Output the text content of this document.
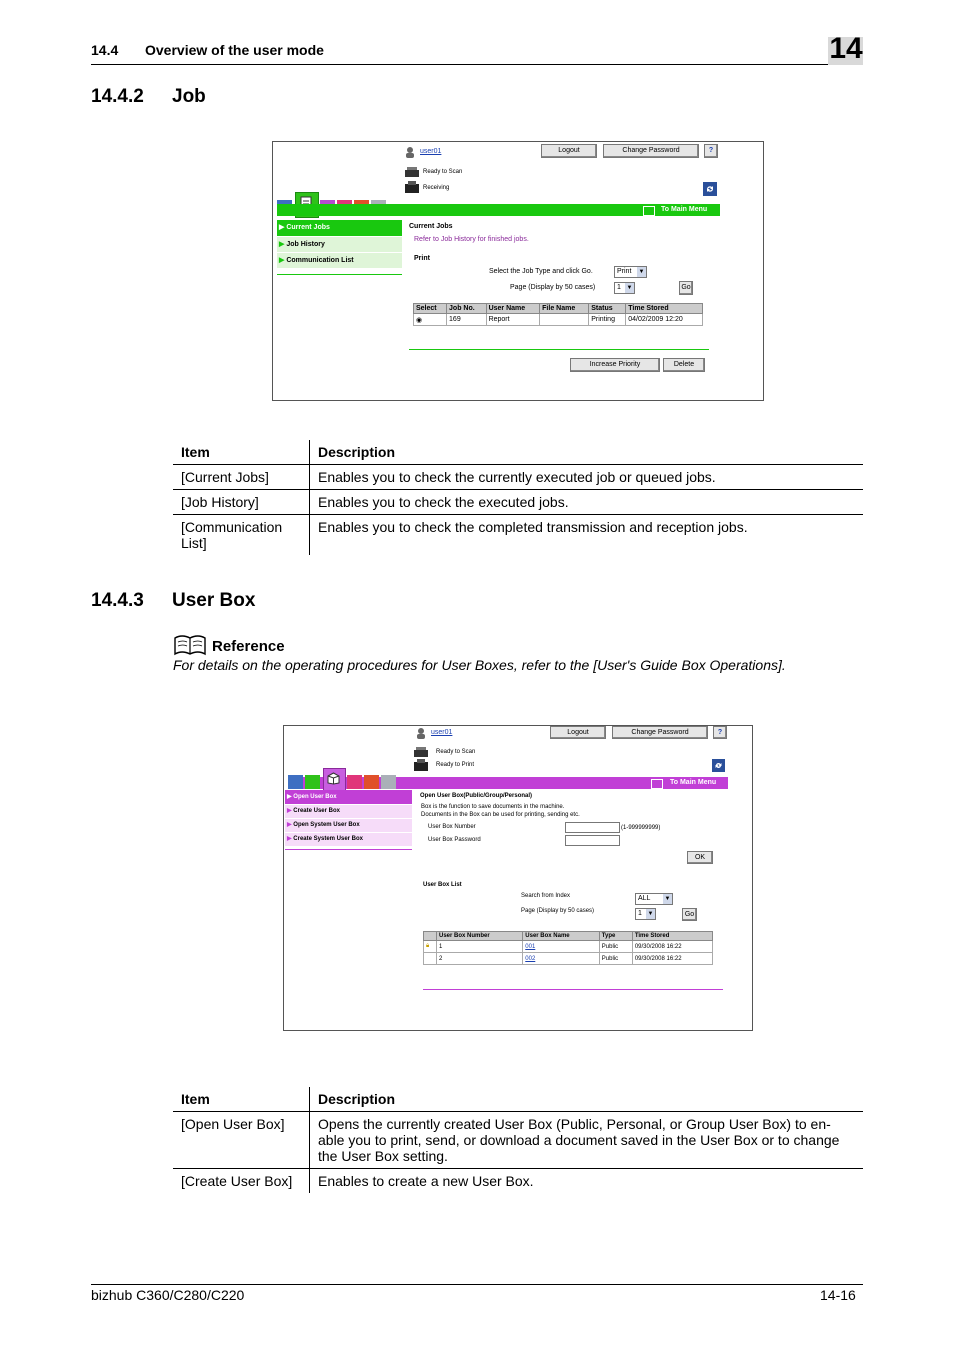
14.4 Overview of the user mode	14
14.4.2 Job
user01	Logout	Change Password	?
Ready to Scan
Receiving
To Main Menu
▶ Current Jobs
▶ Job History
▶ Communication List
Current Jobs
Refer to Job History for finished jobs.
Print
Select the Job Type and click Go.	Print ▼
Page (Display by 50 cases)	1 ▼	Go
Select	Job No.	User Name	File Name	Status	Time Stored
◉	169	Report		Printing	04/02/2009 12:20
Increase Priority	Delete
Item	Description
[Current Jobs]	Enables you to check the currently executed job or queued jobs.
[Job History]	Enables you to check the executed jobs.
[Communication List]	Enables you to check the completed transmission and reception jobs.
14.4.3 User Box
Reference
For details on the operating procedures for User Boxes, refer to the [User's Guide Box Operations].
user01	Logout	Change Password	?
Ready to Scan
Ready to Print
To Main Menu
▶ Open User Box
▶ Create User Box
▶ Open System User Box
▶ Create System User Box
Open User Box(Public/Group/Personal)
Box is the function to save documents in the machine.
Documents in the Box can be used for printing, sending etc.
User Box Number	(1-999999999)
User Box Password
OK
User Box List
Search from Index	ALL ▼
Page (Display by 50 cases)	1 ▼	Go
	User Box Number	User Box Name	Type	Time Stored
🔒︎	1	001	Public	09/30/2008 16:22
	2	002	Public	09/30/2008 16:22
Item	Description
[Open User Box]	Opens the currently created User Box (Public, Personal, or Group User Box) to en-able you to print, send, or download a document saved in the User Box or to change the User Box setting.
[Create User Box]	Enables to create a new User Box.
bizhub C360/C280/C220	14-16
